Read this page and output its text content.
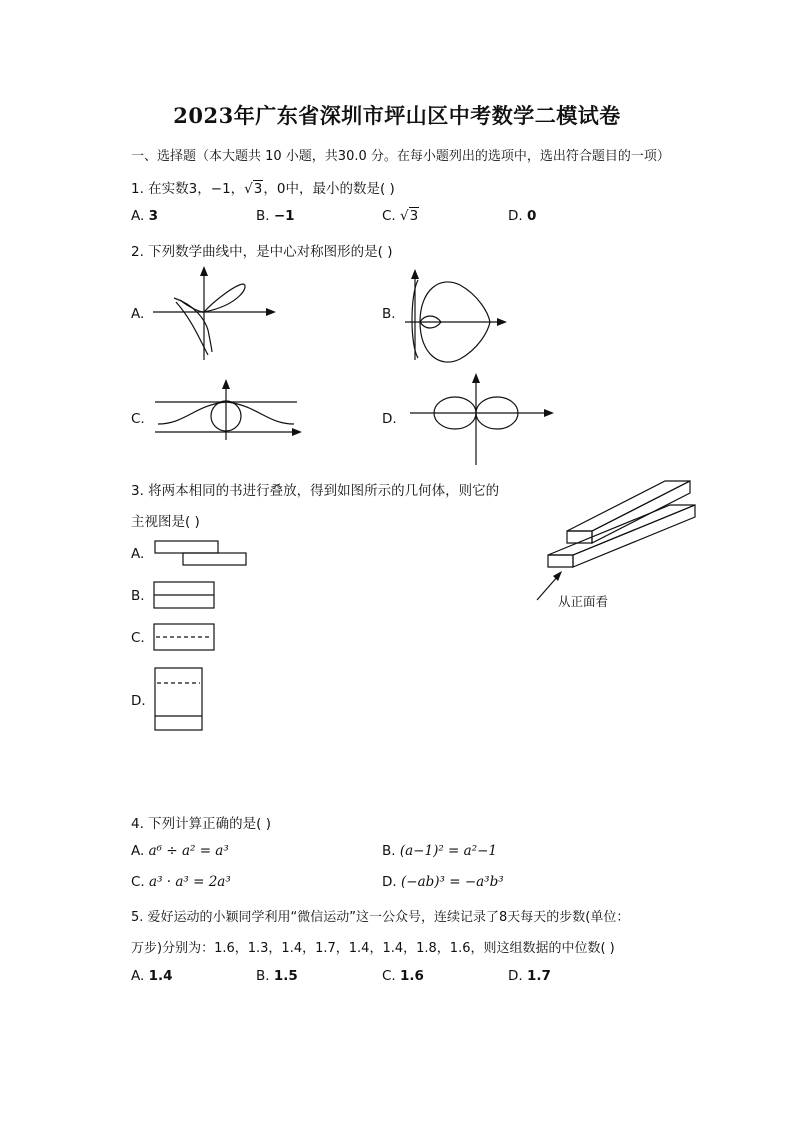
2023年广东省深圳市坪山区中考数学二模试卷
一、选择题（本大题共 10 小题，共30.0 分。在每小题列出的选项中，选出符合题目的一项）
1. 在实数3，−1，√3，0中，最小的数是( )
A. 3	B. −1	C. √3	D. 0
2. 下列数学曲线中，是中心对称图形的是( )
A.	B.
C.	D.
3. 将两本相同的书进行叠放，得到如图所示的几何体，则它的
主视图是( )
从正面看
A.
B.
C.
D.
4. 下列计算正确的是( )
A. a⁶ ÷ a² = a³	B. (a−1)² = a²−1
C. a³ · a³ = 2a³	D. (−ab)³ = −a³b³
5. 爱好运动的小颖同学利用“微信运动”这一公众号，连续记录了8天每天的步数(单位：
万步)分别为：1.6，1.3，1.4，1.7，1.4，1.4，1.8，1.6，则这组数据的中位数( )
A. 1.4	B. 1.5	C. 1.6	D. 1.7
